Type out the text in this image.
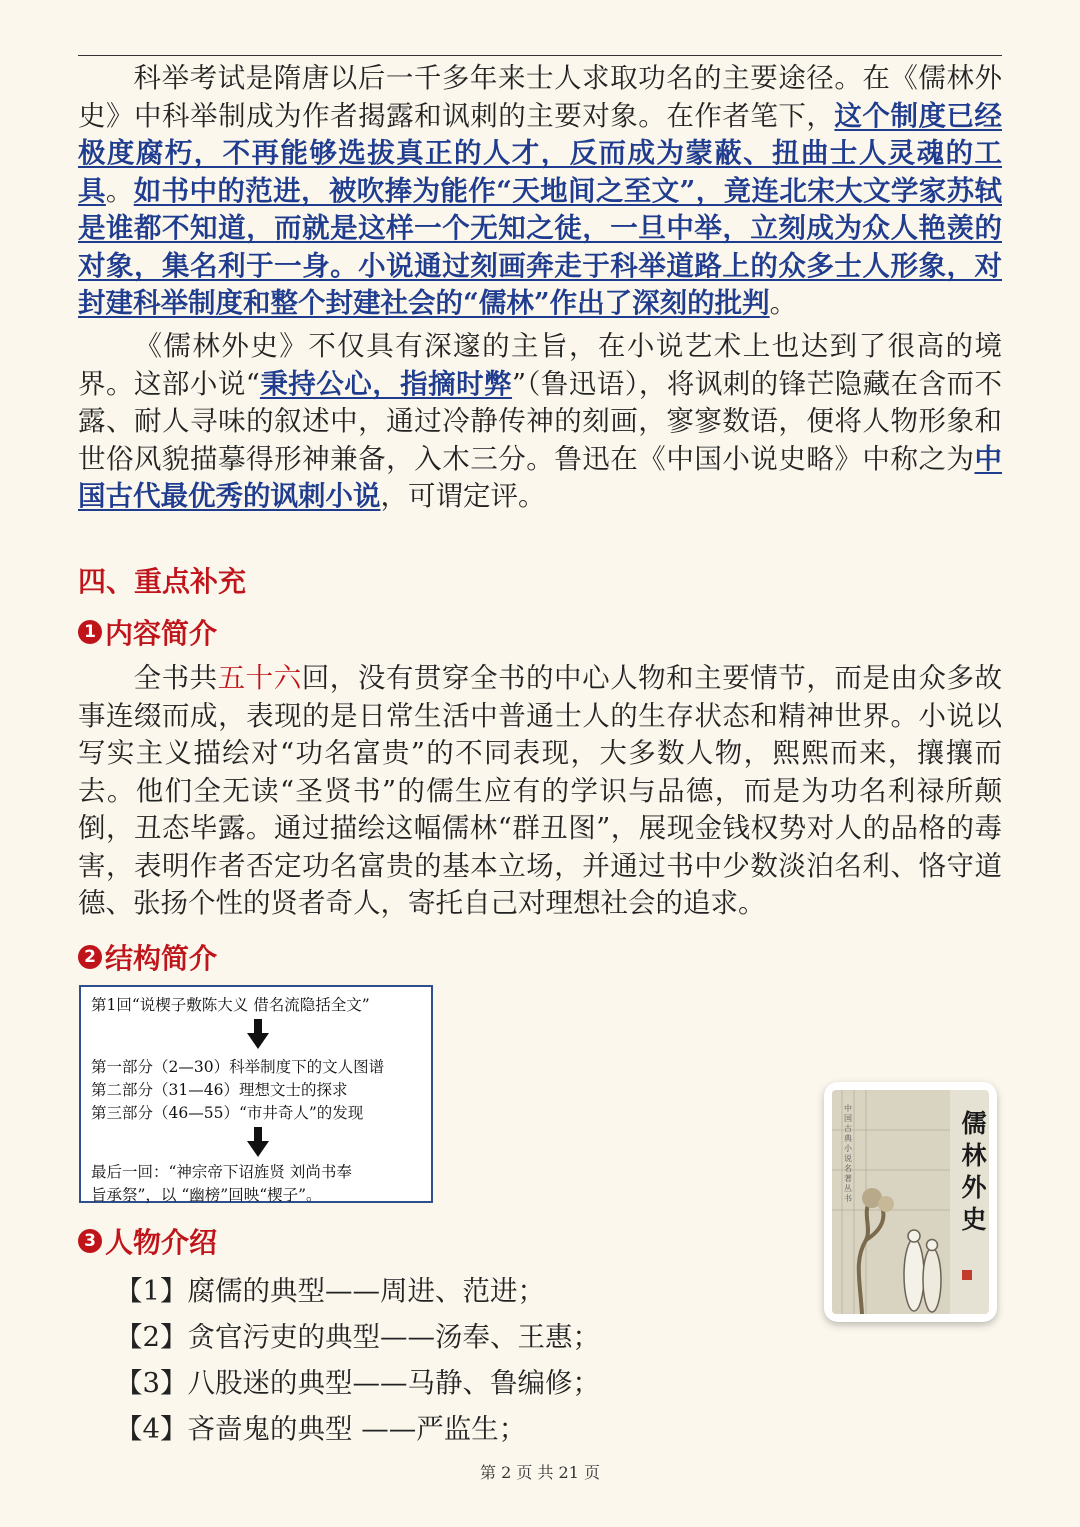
科举考试是隋唐以后一千多年来士人求取功名的主要途径。在《儒林外史》中科举制成为作者揭露和讽刺的主要对象。在作者笔下，这个制度已经极度腐朽，不再能够选拔真正的人才，反而成为蒙蔽、扭曲士人灵魂的工具。如书中的范进，被吹捧为能作“天地间之至文”，竟连北宋大文学家苏轼是谁都不知道，而就是这样一个无知之徒，一旦中举，立刻成为众人艳羡的对象，集名利于一身。小说通过刻画奔走于科举道路上的众多士人形象，对封建科举制度和整个封建社会的“儒林”作出了深刻的批判。

《儒林外史》不仅具有深邃的主旨，在小说艺术上也达到了很高的境界。这部小说“秉持公心，指摘时弊”（鲁迅语），将讽刺的锋芒隐藏在含而不露、耐人寻味的叙述中，通过冷静传神的刻画，寥寥数语，便将人物形象和世俗风貌描摹得形神兼备，入木三分。鲁迅在《中国小说史略》中称之为中国古代最优秀的讽刺小说，可谓定评。

四、重点补充
1 内容简介

全书共五十六回，没有贯穿全书的中心人物和主要情节，而是由众多故事连缀而成，表现的是日常生活中普通士人的生存状态和精神世界。小说以写实主义描绘对“功名富贵”的不同表现，大多数人物，熙熙而来，攘攘而去。他们全无读“圣贤书”的儒生应有的学识与品德，而是为功名利禄所颠倒，丑态毕露。通过描绘这幅儒林“群丑图”，展现金钱权势对人的品格的毒害，表明作者否定功名富贵的基本立场，并通过书中少数淡泊名利、恪守道德、张扬个性的贤者奇人，寄托自己对理想社会的追求。

2 结构简介
第1回“说楔子敷陈大义 借名流隐括全文”
第一部分（2—30）科举制度下的文人图谱
第二部分（31—46）理想文士的探求
第三部分（46—55）“市井奇人”的发现
最后一回：“神宗帝下诏旌贤 刘尚书奉
旨承祭”，以 “幽榜”回映“楔子”。
3 人物介绍

【1】腐儒的典型——周进、范进；

【2】贪官污吏的典型——汤奉、王惠；

【3】八股迷的典型——马静、鲁编修；

【4】吝啬鬼的典型 ——严监生；

儒林外史
中国古典小说名著丛书
第 2 页 共 21 页
